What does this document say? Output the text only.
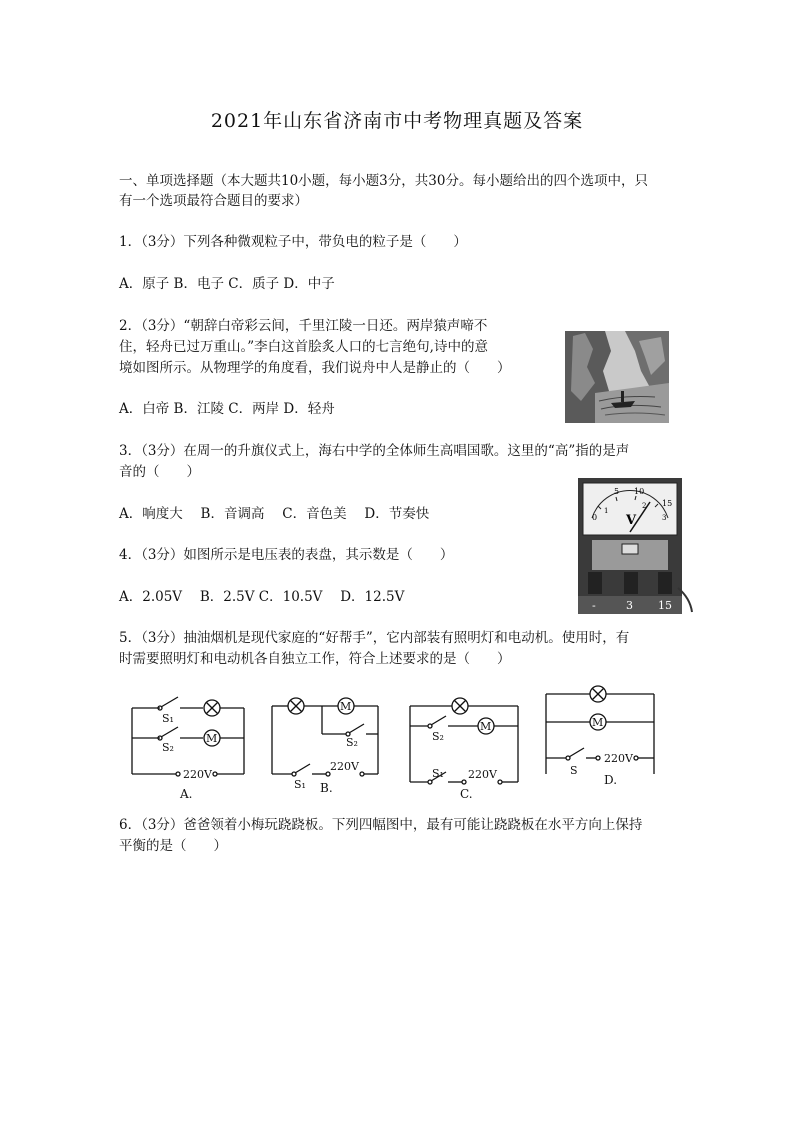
2021年山东省济南市中考物理真题及答案
一、单项选择题（本大题共10小题，每小题3分，共30分。每小题给出的四个选项中，只
有一个选项最符合题目的要求）
1．（3分）下列各种微观粒子中，带负电的粒子是（　　）
A．原子 B．电子 C．质子 D．中子
2．（3分）“朝辞白帝彩云间，千里江陵一日还。两岸猿声啼不
住，轻舟已过万重山。”李白这首脍炙人口的七言绝句,诗中的意
境如图所示。从物理学的角度看，我们说舟中人是静止的（　　）
A．白帝 B．江陵 C．两岸 D．轻舟
3．（3分）在周一的升旗仪式上，海右中学的全体师生高唱国歌。这里的“高”指的是声
音的（　　）
A．响度大　 B．音调高　 C．音色美　 D．节奏快
4．（3分）如图所示是电压表的表盘，其示数是（　　）
A．2.05V　 B．2.5V C．10.5V　 D．12.5V
0
5 10
15
1
2
3
V
-	3 15
5．（3分）抽油烟机是现代家庭的“好帮手”，它内部装有照明灯和电动机。使用时，有
时需要照明灯和电动机各自独立工作，符合上述要求的是（　　）
M
M
M	M
S₁
S₂	S₂
S₁
S₂
S₁	S
220V
220V
220V
220V
A.	B.	C.
D.
6．（3分）爸爸领着小梅玩跷跷板。下列四幅图中，最有可能让跷跷板在水平方向上保持
平衡的是（　　）
